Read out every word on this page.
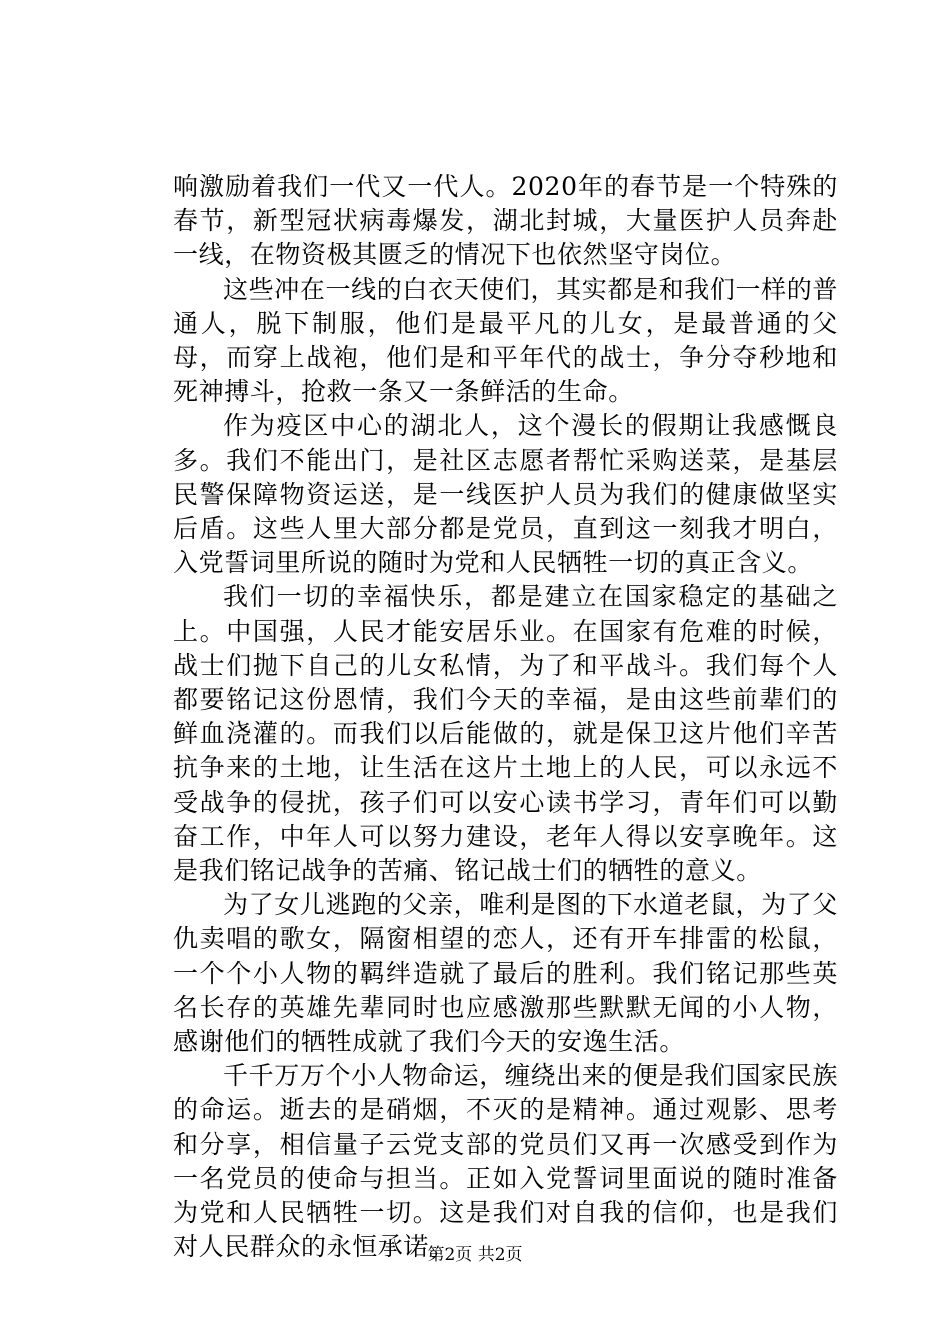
响激励着我们一代又一代人。2020年的春节是一个特殊的春节，新型冠状病毒爆发，湖北封城，大量医护人员奔赴一线，在物资极其匮乏的情况下也依然坚守岗位。

这些冲在一线的白衣天使们，其实都是和我们一样的普通人，脱下制服，他们是最平凡的儿女，是最普通的父母，而穿上战袍，他们是和平年代的战士，争分夺秒地和死神搏斗，抢救一条又一条鲜活的生命。

作为疫区中心的湖北人，这个漫长的假期让我感慨良多。我们不能出门，是社区志愿者帮忙采购送菜，是基层民警保障物资运送，是一线医护人员为我们的健康做坚实后盾。这些人里大部分都是党员，直到这一刻我才明白，入党誓词里所说的随时为党和人民牺牲一切的真正含义。

我们一切的幸福快乐，都是建立在国家稳定的基础之上。中国强，人民才能安居乐业。在国家有危难的时候，战士们抛下自己的儿女私情，为了和平战斗。我们每个人都要铭记这份恩情，我们今天的幸福，是由这些前辈们的鲜血浇灌的。而我们以后能做的，就是保卫这片他们辛苦抗争来的土地，让生活在这片土地上的人民，可以永远不受战争的侵扰，孩子们可以安心读书学习，青年们可以勤奋工作，中年人可以努力建设，老年人得以安享晚年。这是我们铭记战争的苦痛、铭记战士们的牺牲的意义。

为了女儿逃跑的父亲，唯利是图的下水道老鼠，为了父仇卖唱的歌女，隔窗相望的恋人，还有开车排雷的松鼠，一个个小人物的羁绊造就了最后的胜利。我们铭记那些英名长存的英雄先辈同时也应感激那些默默无闻的小人物，感谢他们的牺牲成就了我们今天的安逸生活。

千千万万个小人物命运，缠绕出来的便是我们国家民族的命运。逝去的是硝烟，不灭的是精神。通过观影、思考和分享，相信量子云党支部的党员们又再一次感受到作为一名党员的使命与担当。正如入党誓词里面说的随时准备为党和人民牺牲一切。这是我们对自我的信仰，也是我们对人民群众的永恒承诺。

第2页 共2页
